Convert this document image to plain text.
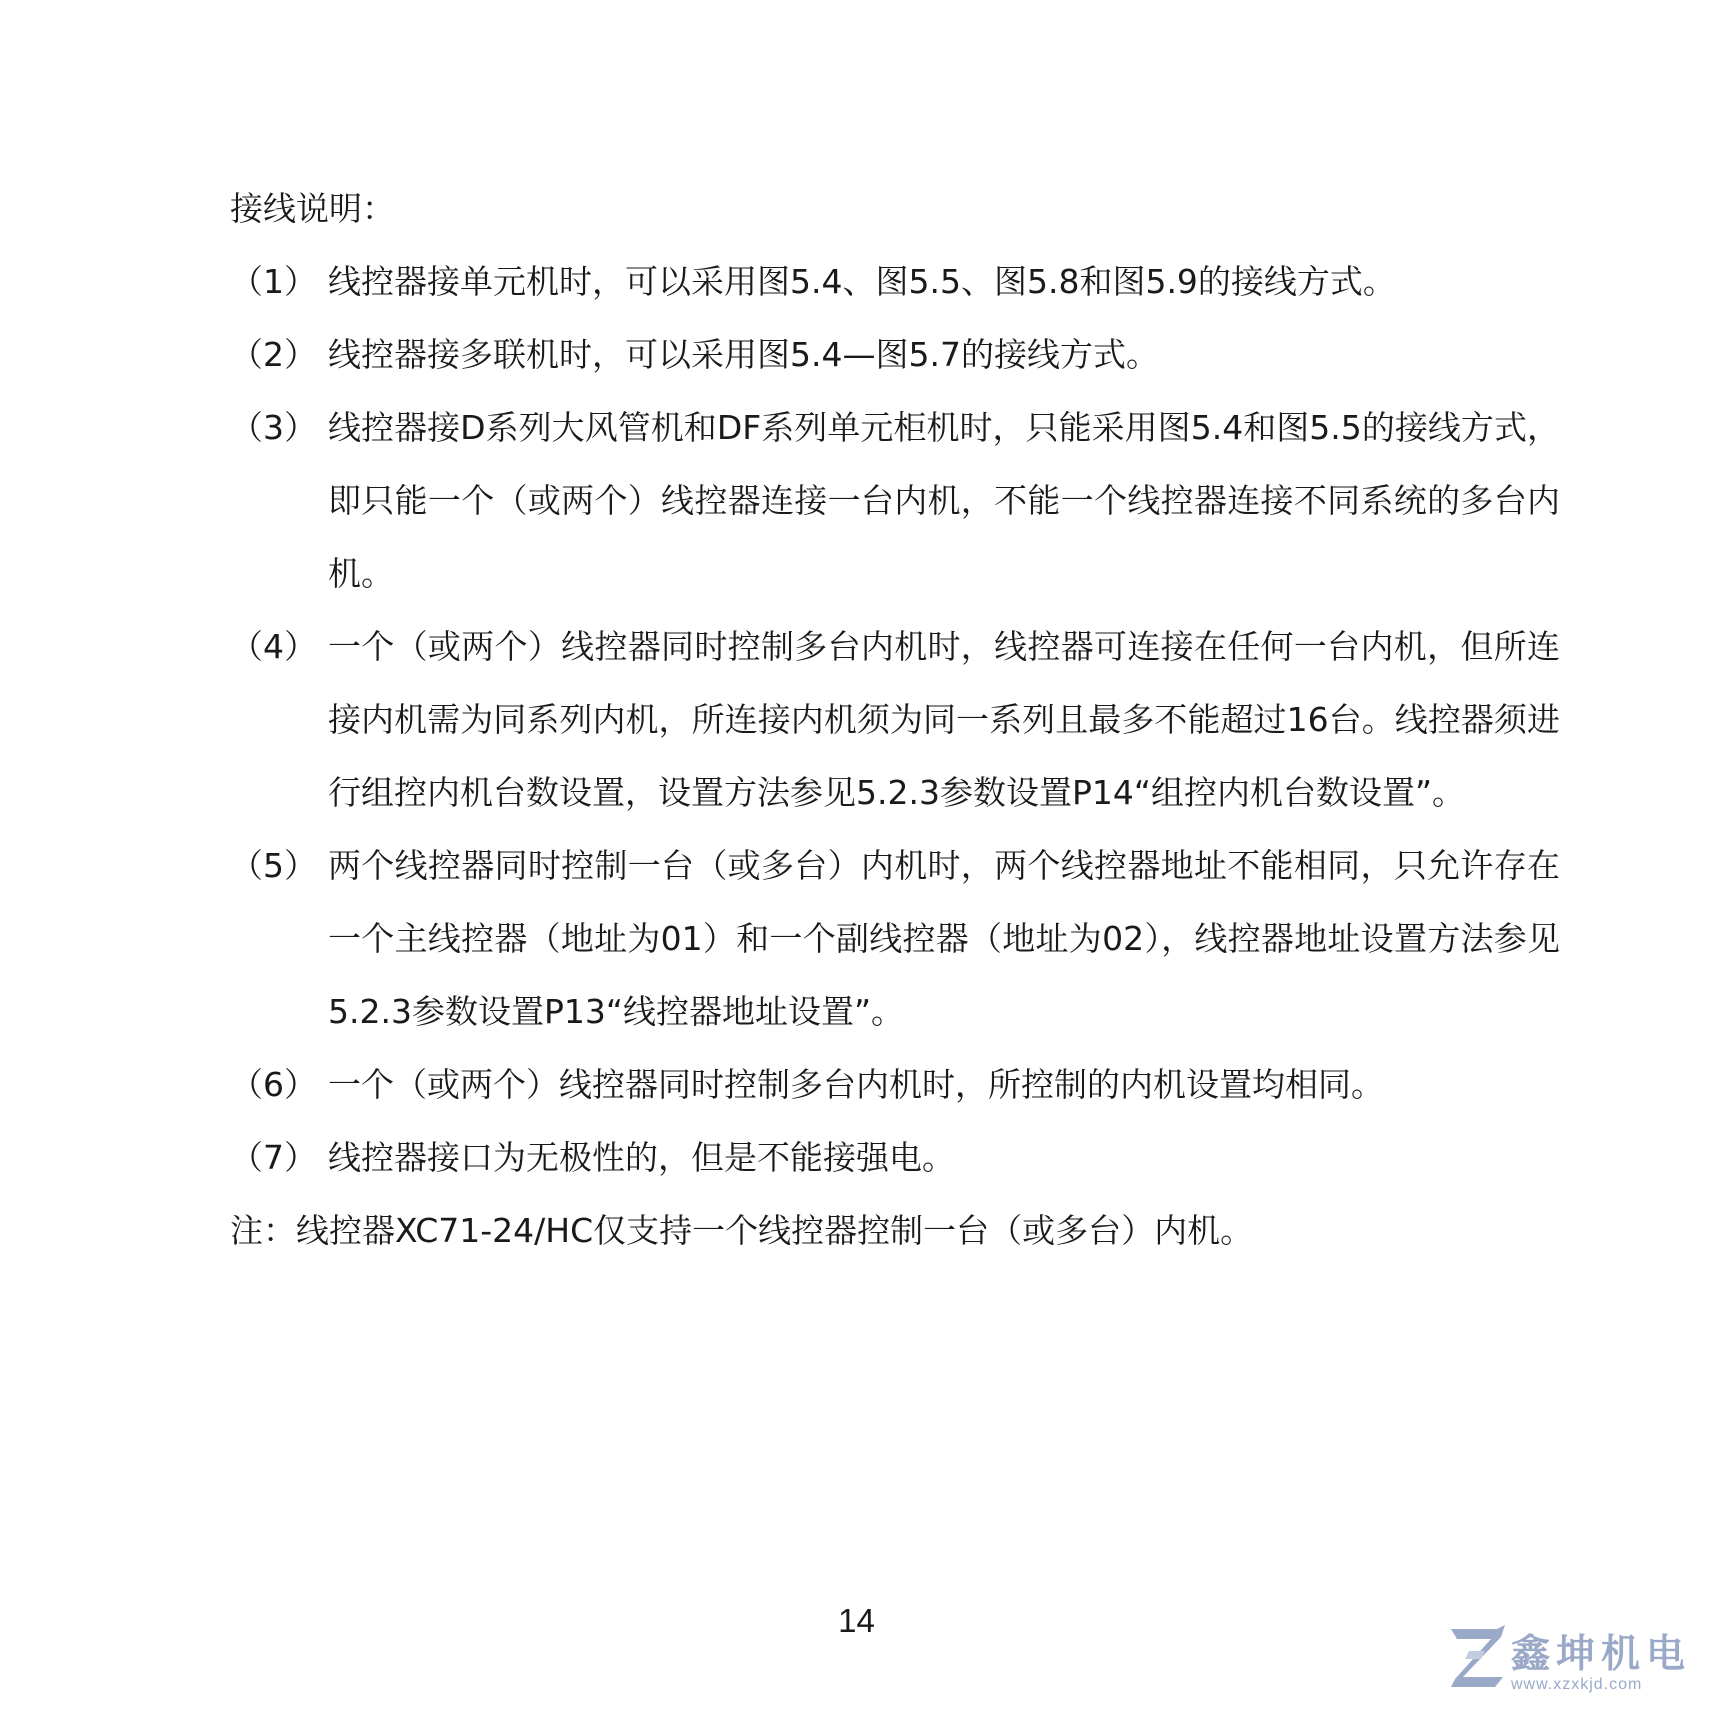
接线说明：
（1） 线控器接单元机时，可以采用图5.4、图5.5、图5.8和图5.9的接线方式。
（2） 线控器接多联机时，可以采用图5.4—图5.7的接线方式。
（3） 线控器接D系列大风管机和DF系列单元柜机时，只能采用图5.4和图5.5的接线方式，即只能一个（或两个）线控器连接一台内机，不能一个线控器连接不同系统的多台内机。
（4） 一个（或两个）线控器同时控制多台内机时，线控器可连接在任何一台内机，但所连接内机需为同系列内机，所连接内机须为同一系列且最多不能超过16台。线控器须进行组控内机台数设置，设置方法参见5.2.3参数设置P14“组控内机台数设置”。
（5） 两个线控器同时控制一台（或多台）内机时，两个线控器地址不能相同，只允许存在一个主线控器（地址为01）和一个副线控器（地址为02），线控器地址设置方法参见5.2.3参数设置P13“线控器地址设置”。
（6） 一个（或两个）线控器同时控制多台内机时，所控制的内机设置均相同。
（7） 线控器接口为无极性的，但是不能接强电。
注：线控器XC71-24/HC仅支持一个线控器控制一台（或多台）内机。
14
鑫坤机电
www.xzxkjd.com
